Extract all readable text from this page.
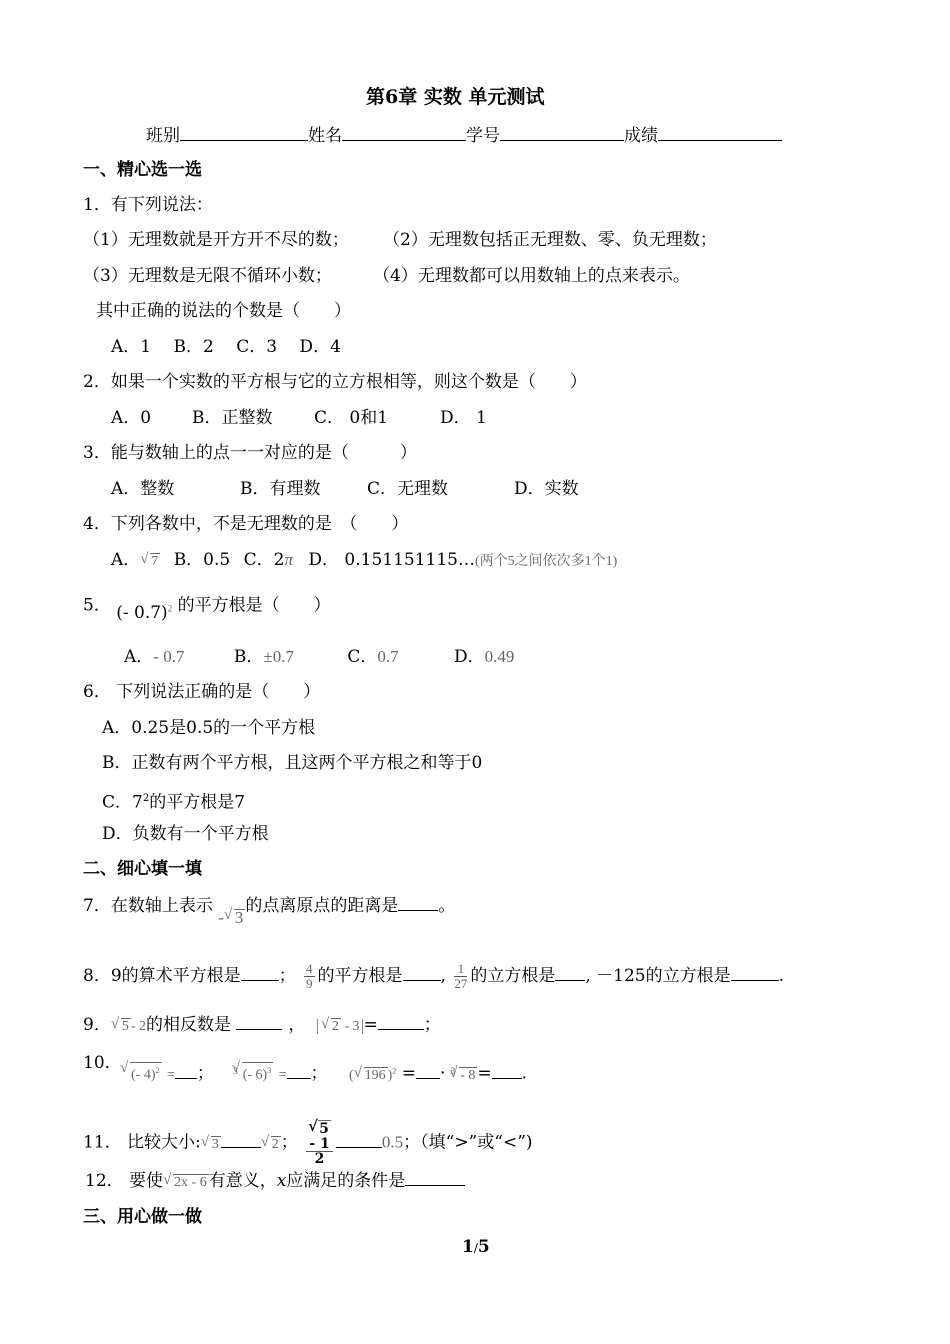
第6章 实数 单元测试
班别	姓名	学号	成绩
一、精心选一选
1．有下列说法：
（1）无理数就是开方开不尽的数； （2）无理数包括正无理数、零、负无理数；
（3）无理数是无限不循环小数； （4）无理数都可以用数轴上的点来表示。
其中正确的说法的个数是（　　）
A．1　 B．2　 C．3　 D．4
2．如果一个实数的平方根与它的立方根相等，则这个数是（　　）
A．0 B．正整数 C． 0和1	D． 1
3．能与数轴上的点一一对应的是（　　　）
A．整数	B．有理数	C．无理数	D．实数
4．下列各数中，不是无理数的是　（　　）
A． √ 7 B．0.5 C．2π D． 0.151151115…(两个5之间依次多1个1)
5． (- 0.7)$^2$ 的平方根是（　　）
A．- 0.7	B．±0.7	C．0.7	D．0.49
6． 下列说法正确的是（　　）
A．0.25是0.5的一个平方根
B．正数有两个平方根，且这两个平方根之和等于0
C．$7^2$的平方根是7
D．负数有一个平方根
二、细心填一填
7．在数轴上表示 - √ 3的点离原点的距离是 。
8．9的算术平方根是 ； $\frac{4}{9}$ 的平方根是 , $\frac{1}{27}$ 的立方根是 , －125的立方根是	.
9． √ 5 - 2的相反数是	， √ 2 - 3 =	；
10．
√ (- 4)$^2$ = ； $^3$ √ (- 6)$^3$ = ； ( √ 196 )$^2$ = · $^3$ √ - 8 = .
11． 比较大小: √ 3	√ 2 ； √ 5
- 1
2	0.5；（填“>”或“<”)
12． 要使 √ 2x - 6 有意义，x应满足的条件是
三、用心做一做
1/5
